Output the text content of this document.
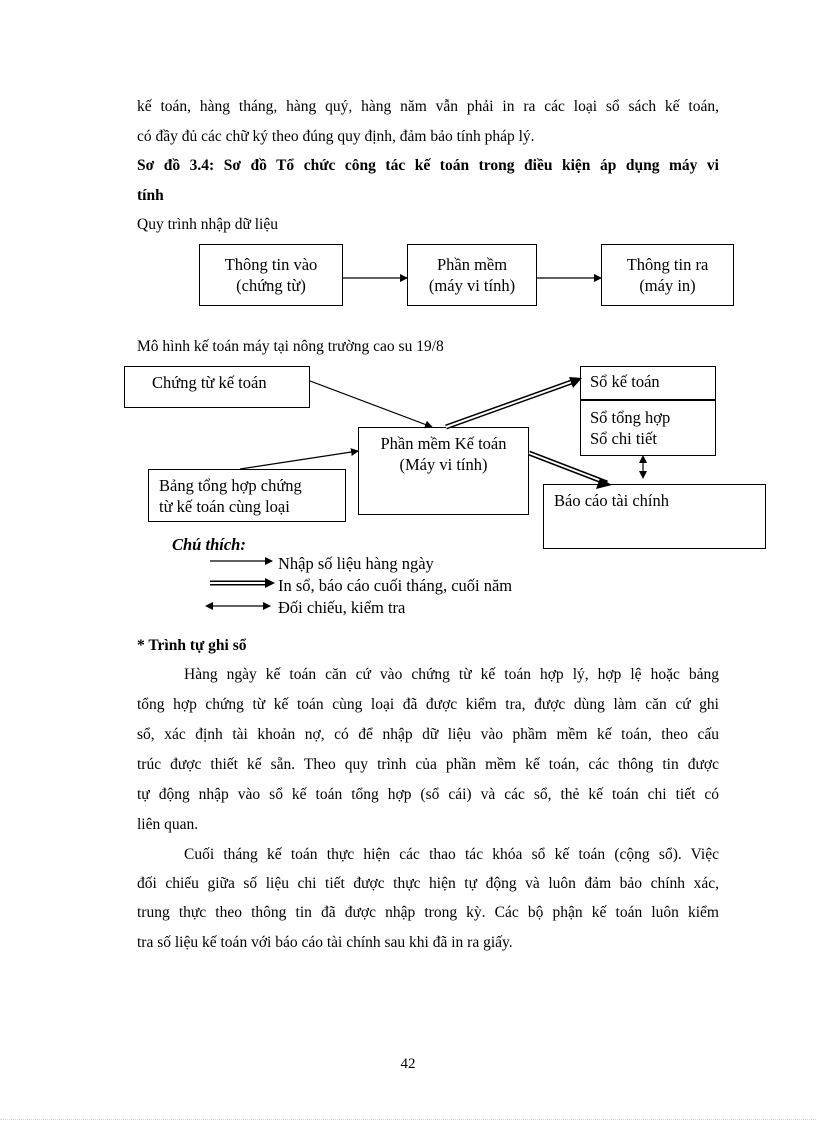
kế toán, hàng tháng, hàng quý, hàng năm vẫn phải in ra các loại sổ sách kế toán,
có đầy đủ các chữ ký theo đúng quy định, đảm bảo tính pháp lý.
Sơ đồ 3.4: Sơ đồ Tổ chức công tác kế toán trong điều kiện áp dụng máy vi
tính
Quy trình nhập dữ liệu
Thông tin vào
(chứng từ)
Phần mềm
(máy vi tính)
Thông tin ra
(máy in)
Mô hình kế toán máy tại nông trường cao su 19/8
Chứng từ kế toán
Bảng tổng hợp chứng
từ kế toán cùng loại
Phần mềm Kế toán
(Máy vi tính)
Sổ kế toán
Sổ tổng hợp
Sổ chi tiết
Báo cáo tài chính
Chú thích:
Nhập số liệu hàng ngày
In sổ, báo cáo cuối tháng, cuối năm
Đối chiếu, kiểm tra
* Trình tự ghi sổ
Hàng ngày kế toán căn cứ vào chứng từ kế toán hợp lý, hợp lệ hoặc bảng
tổng hợp chứng từ kế toán cùng loại đã được kiểm tra, được dùng làm căn cứ ghi
sổ, xác định tài khoản nợ, có để nhập dữ liệu vào phầm mềm kế toán, theo cấu
trúc được thiết kế sẵn. Theo quy trình của phần mềm kế toán, các thông tin được
tự động nhập vào sổ kế toán tổng hợp (sổ cái) và các sổ, thẻ kế toán chi tiết có
liên quan.
Cuối tháng kế toán thực hiện các thao tác khóa sổ kế toán (cộng sổ). Việc
đối chiếu giữa số liệu chi tiết được thực hiện tự động và luôn đảm bảo chính xác,
trung thực theo thông tin đã được nhập trong kỳ. Các bộ phận kế toán luôn kiểm
tra số liệu kế toán với báo cáo tài chính sau khi đã in ra giấy.
42
